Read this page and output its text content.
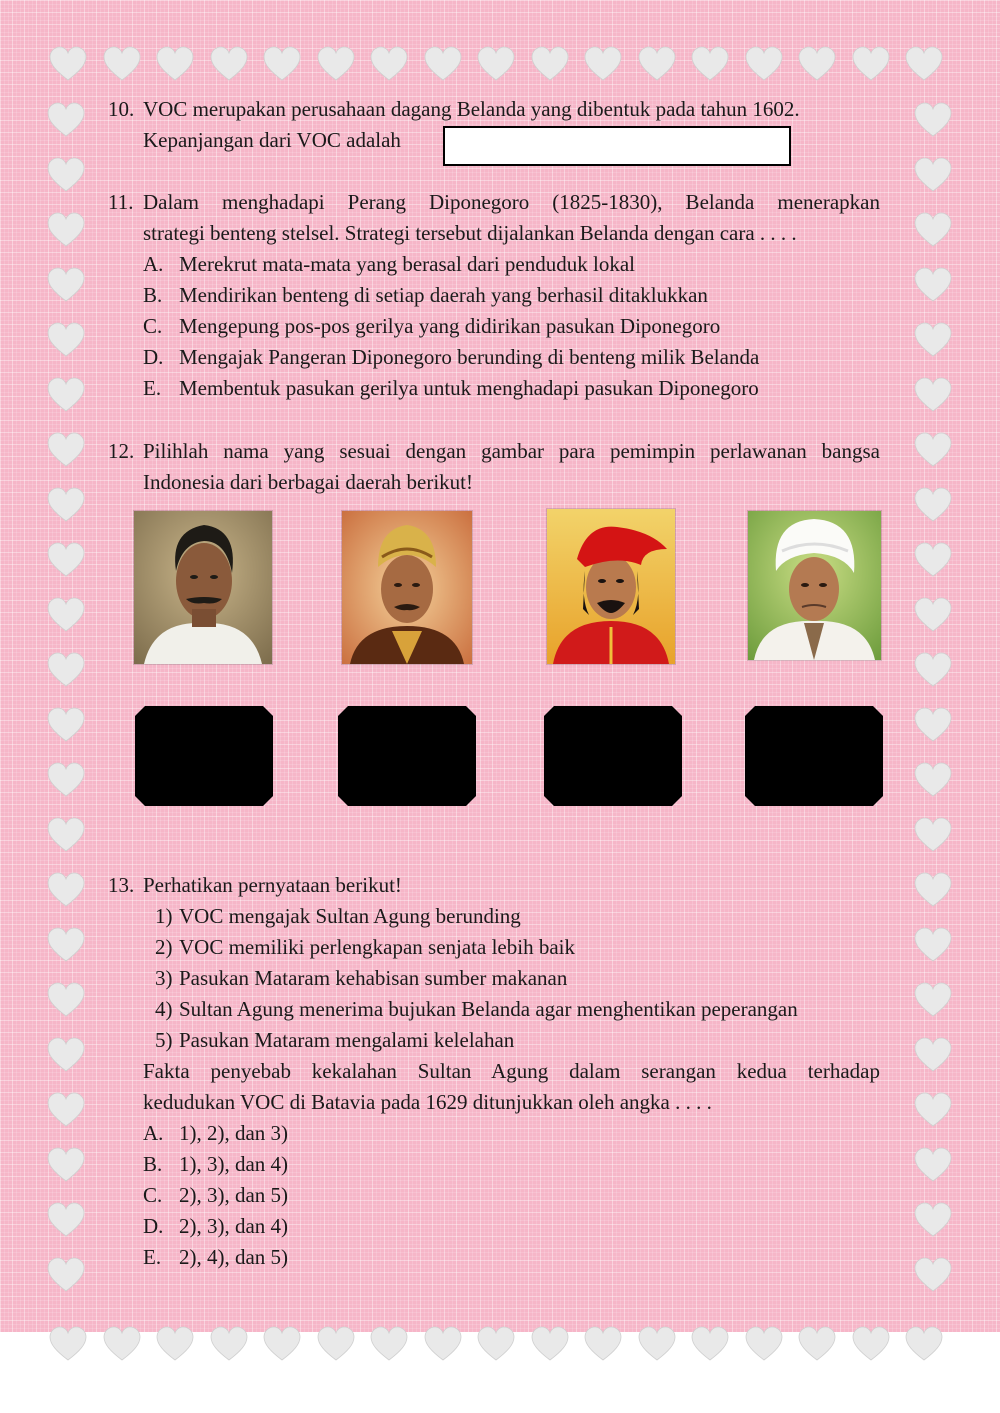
10. VOC merupakan perusahaan dagang Belanda yang dibentuk pada tahun 1602.
Kepanjangan dari VOC adalah
11. Dalam menghadapi Perang Diponegoro (1825-1830), Belanda menerapkan
strategi benteng stelsel. Strategi tersebut dijalankan Belanda dengan cara . . . .
A. Merekrut mata-mata yang berasal dari penduduk lokal
B. Mendirikan benteng di setiap daerah yang berhasil ditaklukkan
C. Mengepung pos-pos gerilya yang didirikan pasukan Diponegoro
D. Mengajak Pangeran Diponegoro berunding di benteng milik Belanda
E. Membentuk pasukan gerilya untuk menghadapi pasukan Diponegoro
12. Pilihlah nama yang sesuai dengan gambar para pemimpin perlawanan bangsa
Indonesia dari berbagai daerah berikut!
13. Perhatikan pernyataan berikut!
1) VOC mengajak Sultan Agung berunding
2) VOC memiliki perlengkapan senjata lebih baik
3) Pasukan Mataram kehabisan sumber makanan
4) Sultan Agung menerima bujukan Belanda agar menghentikan peperangan
5) Pasukan Mataram mengalami kelelahan
Fakta penyebab kekalahan Sultan Agung dalam serangan kedua terhadap
kedudukan VOC di Batavia pada 1629 ditunjukkan oleh angka . . . .
A. 1), 2), dan 3)
B. 1), 3), dan 4)
C. 2), 3), dan 5)
D. 2), 3), dan 4)
E. 2), 4), dan 5)
